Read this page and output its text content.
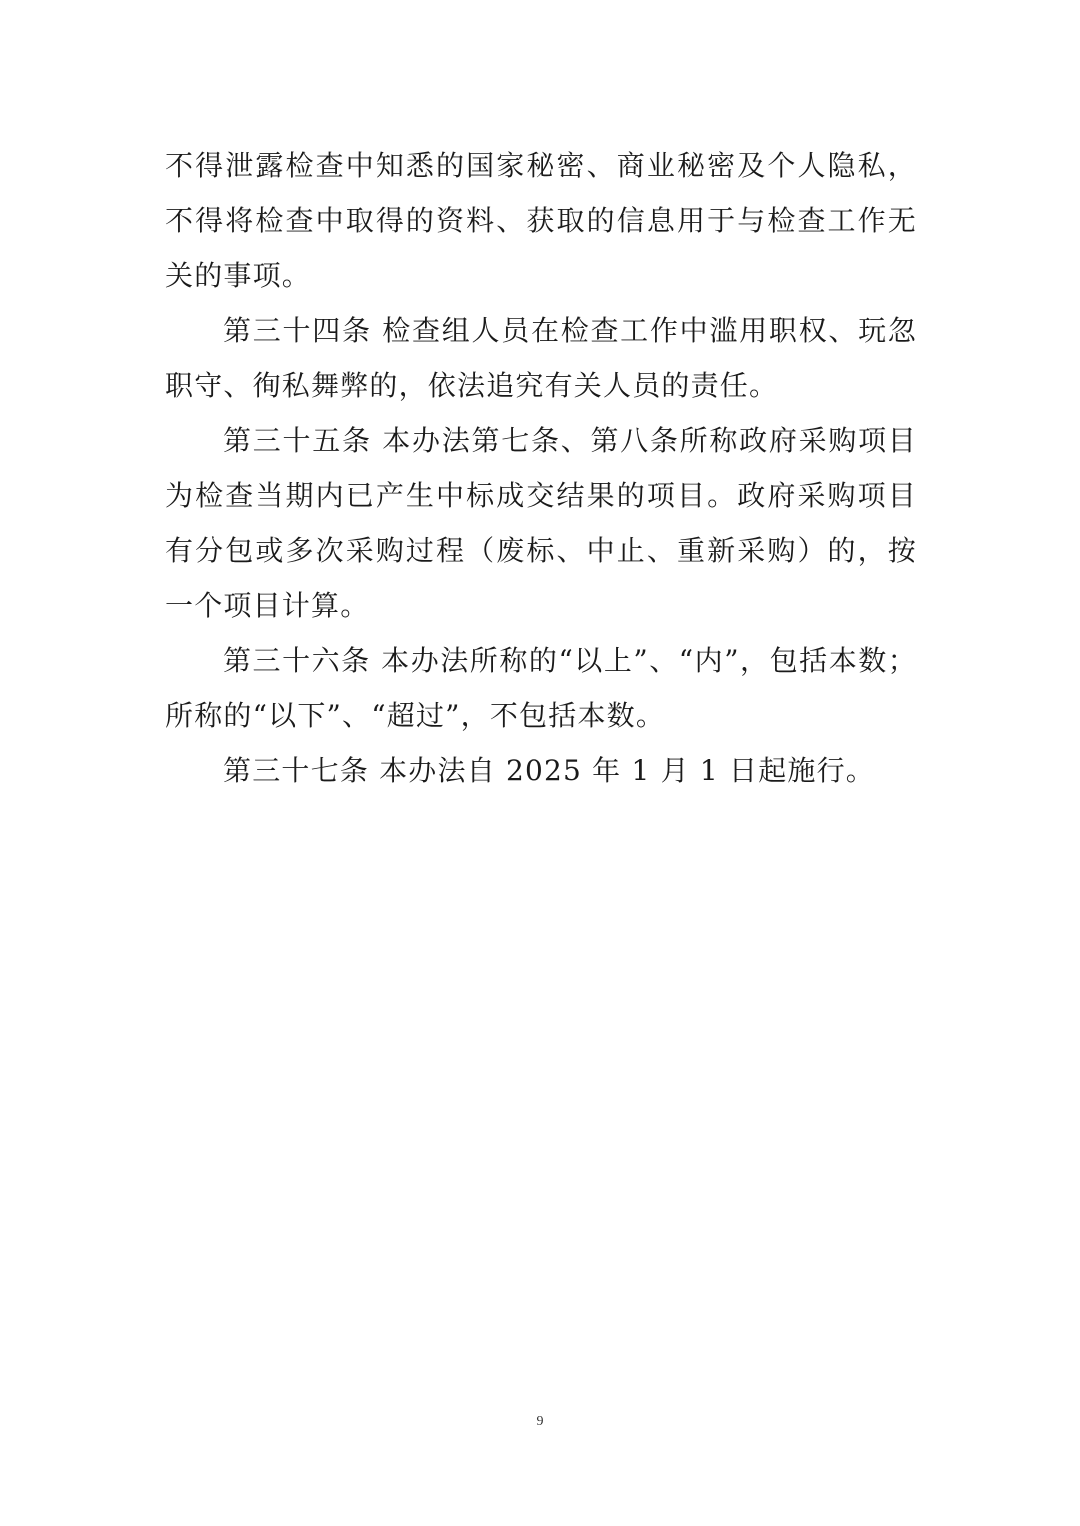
不得泄露检查中知悉的国家秘密、商业秘密及个人隐私，不得将检查中取得的资料、获取的信息用于与检查工作无关的事项。

第三十四条 检查组人员在检查工作中滥用职权、玩忽职守、徇私舞弊的，依法追究有关人员的责任。

第三十五条 本办法第七条、第八条所称政府采购项目为检查当期内已产生中标成交结果的项目。政府采购项目有分包或多次采购过程（废标、中止、重新采购）的，按一个项目计算。

第三十六条 本办法所称的“以上”、“内”，包括本数；所称的“以下”、“超过”，不包括本数。

第三十七条 本办法自 2025 年 1 月 1 日起施行。

9
